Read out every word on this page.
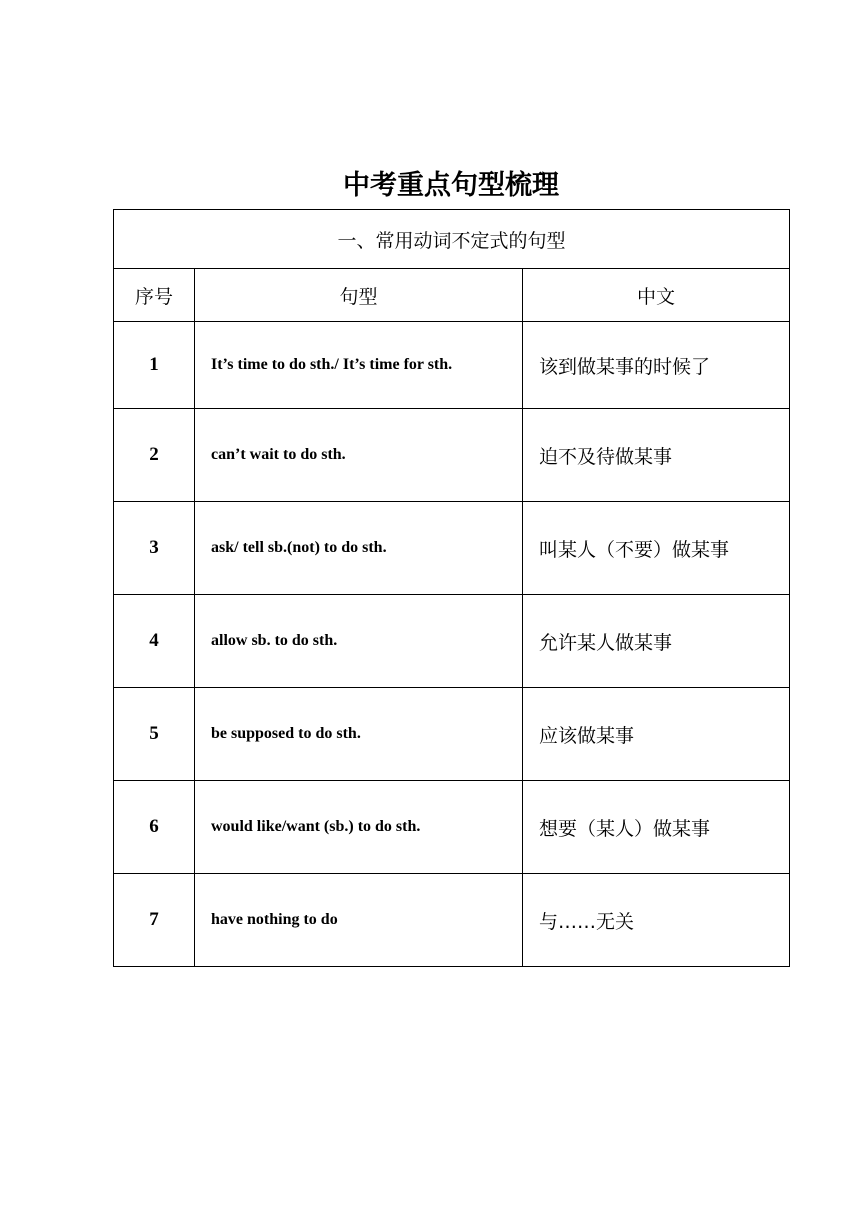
中考重点句型梳理
一、常用动词不定式的句型		
序号	句型	中文
1	It’s time to do sth./ It’s time for sth.	该到做某事的时候了
2	can’t wait to do sth.	迫不及待做某事
3	ask/ tell sb.(not) to do sth.	叫某人（不要）做某事
4	allow sb. to do sth.	允许某人做某事
5	be supposed to do sth.	应该做某事
6	would like/want (sb.) to do sth.	想要（某人）做某事
7	have nothing to do	与……无关
